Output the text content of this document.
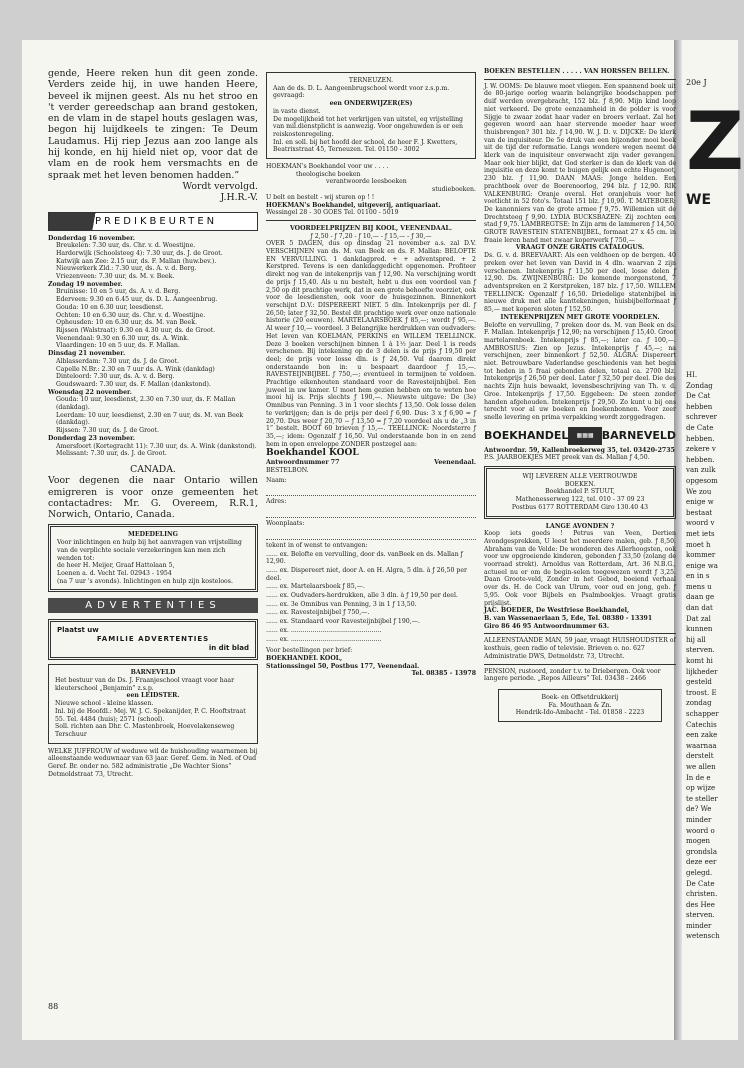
gende, Heere reken hun dit geen zonde. Verders zeide hij, in uwe handen Heere, beveel ik mijnen geest. Als nu het stroo en 't verder gereedschap aan brand gestoken, en de vlam in de stapel houts geslagen was, begon hij luijdkeels te zingen: Te Deum Laudamus. Hij riep Jezus aan zoo lange als hij konde, en hij hield niet op, voor dat de vlam en de rook hem versmachts en de spraak met het leven benomen hadden.”

Wordt vervolgd.

J.H.R.-V.

PREDIKBEURTEN

Donderdag 16 november.

Breukelen: 7.30 uur, ds. Chr. v. d. Woestijne.

Harderwijk (Schoolsteeg 4): 7.30 uur, ds. J. de Groot.

Katwijk aan Zee: 2.15 uur, ds. F. Mallan (huw.bev.).

Nieuwerkerk Zld.: 7.30 uur, ds. A. v. d. Berg.

Vriezenveen: 7.30 uur, ds. M. v. Beek.

Zondag 19 november.

Bruinisse: 10 en 5 uur, ds. A. v. d. Berg.

Ederveen: 9.30 en 6.45 uur, ds. D. L. Aangeenbrug.

Gouda: 10 en 6.30 uur, leesdienst.

Ochten: 10 en 6.30 uur, ds. Chr. v. d. Woestijne.

Opheusden: 10 en 6.30 uur, ds. M. van Beek.

Rijssen (Walstraat): 9.30 en 4.30 uur, ds. de Groot.

Veenendaal: 9.30 en 6.30 uur, ds. A. Wink.

Vlaardingen: 10 en 5 uur, ds. F. Mallan.

Dinsdag 21 november.

Alblasserdam: 7.30 uur, ds. J. de Groot.

Capelle N.Br.: 2.30 en 7 uur ds. A. Wink (dankdag)

Dinteloord: 7.30 uur, ds. A. v. d. Berg.

Goudswaard: 7.30 uur, ds. F. Mallan (dankstond).

Woensdag 22 november.

Gouda: 10 uur, leesdienst, 2.30 en 7.30 uur, ds. F. Mallan (dankdag).

Leerdam: 10 uur, leesdienst, 2.30 en 7 uur, ds. M. van Beek (dankdag).

Rijssen: 7.30 uur, ds. J. de Groot.

Donderdag 23 november.

Amersfoort (Kortegracht 11): 7.30 uur, ds. A. Wink (dankstond).

Melissant: 7.30 uur, ds. J. de Groot.

CANADA.

Voor degenen die naar Ontario willen emigreren is voor onze gemeenten het contactadres: Mr. G. Overeem, R.R.1, Norwich, Ontario, Canada.

MEDEDELING

Voor inlichtingen en hulp bij het aanvragen van vrijstelling van de verplichte sociale verzekeringen kan men zich wenden tot:

de heer H. Meijer, Graaf Hattolaan 5,

Loenen a. d. Vecht Tel. 02943 - 1954

(na 7 uur 's avonds). Inlichtingen en hulp zijn kosteloos.

ADVERTENTIES

Plaatst uw

FAMILIE ADVERTENTIES

in dit blad

BARNEVELD

Het bestuur van de Ds. J. Fraanjeschool vraagt voor haar kleuterschool „Benjamin” z.s.p.

een LEIDSTER.

Nieuwe school - kleine klassen.

Inl. bij de Hoofdl.: Mej. W. J. C. Spekanijder, P. C. Hooftstraat 55. Tel. 4484 (huis); 2571 (school).

Soll. richten aan Dhr. C. Mastenbroek, Hoevelakenseweg Terschuur

WELKE JUFFROUW of weduwe wil de huishouding waarnemen bij alleenstaande weduwnaar van 63 jaar. Geref. Gem. in Ned. of Oud Geref. Br. onder no. 582 administratie „De Wachter Sions” Detmoldstraat 73, Utrecht.

TERNEUZEN.

Aan de ds. D. L. Aangeenbrugschool wordt voor z.s.p.m. gevraagd:

een ONDERWIJZER(ES)

in vaste dienst.

De mogelijkheid tot het verkrijgen van uitstel, eq vrijstelling van mil.dienstplicht is aanwezig. Voor ongehuwden is er een reiskostenregeling.

Inl. en soll. bij het hoofd der school, de heer F. J. Kwetters, Beatrixstraat 45, Terneuzen. Tel. 01150 - 3002

HOEKMAN's Boekhandel voor uw . . . .

theologische boeken

verantwoorde leesboeken

studieboeken.

U belt en bestelt - wij sturen op ! !

HOEKMAN's Boekhandel, uitgeverij, antiquariaat.

Wessingel 28 - 30 GOES Tel. 01100 - 5019

VOORDEELPRIJZEN BIJ KOOL, VEENENDAAL.

ƒ 2,50 - ƒ 7,20 - ƒ 10,— - ƒ 15,— - ƒ 30,—

OVER 5 DAGEN, dus op dinsdag 21 november a.s. zal D.V. VERSCHIJNEN van ds. M. van Beek en ds. F. Mallan: BELOFTE EN VERVULLING. 1 dankdagpred. + + adventspred. + 2 Kerstpred. Tevens is een dankdaggedicht opgenomen. Profiteer direkt nog van de intekenprijs van ƒ 12,90. Na verschijning wordt de prijs ƒ 15,40. Als u nu bestelt, hebt u dus een voordeel van ƒ 2,50 op dit prachtige werk, dat in een grote behoefte voorziet, ook voor de leesdiensten, ook voor de huisgezinnen. Binnenkort verschijnt D.V.: DISPEREERT NIET. 5 dln. Intekenprijs per dl. ƒ 26,50; later ƒ 32,50. Bestel dit prachtige werk over onze nationale historie (20 eeuwen). MARTELAARSBOEK ƒ 85,—; wordt ƒ 95,—. Al weer ƒ 10,— voordeel. 3 Belangrijke herdrukken van oudvaders: Het leven van KOELMAN, PERKINS en WILLEM TEELLINCK. Deze 3 boeken verschijnen binnen 1 à 1½ jaar. Deel 1 is reeds verschenen. Bij intekening op de 3 delen is de prijs ƒ 19,50 per deel; de prijs voor losse dln. is ƒ 24,50. Vul daarom direkt onderstaande bon in: u bespaart daardoor ƒ 15,—. RAVESTEIJNBIJBEL ƒ 750,—; eventueel in termijnen te voldoen. Prachtige eikenhouten standaard voor de Ravesteijnbijbel. Een juweel in uw kamer. U moet hem gezien hebben om te weten hoe mooi hij is. Prijs slechts ƒ 190,—. Nieuwste uitgave: De (3e) Omnibus van Penning. 3 in 1 voor slechts ƒ 13,50. Ook losse delen te verkrijgen; dan is de prijs per deel ƒ 6,90. Dus: 3 x ƒ 6,90 = ƒ 20,70. Dus weer ƒ 20,70 − ƒ 13,50 = ƒ 7,20 voordeel als u de „3 in 1” bestelt. BOOT 60 brieven ƒ 15,—. TEELLINCK: Noordsterre ƒ 35,—; idem: Ogenzalf ƒ 16,50. Vul onderstaande bon in en zend hem in open enveloppe ZONDER postzegel aan:

Boekhandel KOOL

Antwoordnummer 77	Veenendaal.

BESTELBON.

Naam:

Adres:

Woonplaats:

tekent in of wenst te ontvangen:

...... ex. Belofte en vervulling, door ds. vanBeek en ds. Mallan ƒ 12,90.

...... ex. Dispereert niet, door A. en H. Algra, 5 dln. à ƒ 26,50 per deel.

...... ex. Martelaarsboek ƒ 85,—.

...... ex. Oudvaders-herdrukken, alle 3 dln. à ƒ 19,50 per deel.

...... ex. 3e Omnibus van Penning, 3 in 1 ƒ 13,50.

...... ex. Ravesteijnbijbel ƒ 750,—.

...... ex. Standaard voor Ravesteijnbijbel ƒ 190,—.

...... ex. ..............................................

...... ex. ..............................................

Voor bestellingen per brief:

BOEKHANDEL KOOL,

Stationssingel 50, Postbus 177, Veenendaal.

Tel. 08385 - 13978

BOEKEN BESTELLEN . . . . . VAN HORSSEN BELLEN.

J. W. OOMS: De blauwe moet vliegen. Een spannend boek uit de 80-jarige oorlog waarin belangrijke boodschappen per duif werden overgebracht, 152 blz. ƒ 8,90. Mijn kind loop niet verkeerd. De grote eenzaamheid in de polder is voor Sijgje te zwaar zodat haar vader en broers verlaat. Zal het gegeven woord aan haar stervende moeder haar weer thuisbrengen? 301 blz. ƒ 14,90. W. J. D. v. DIJCKE: De klerk van de inquisiteur. De 5e druk van een bijzonder mooi boek uit de tijd der reformatie. Langs wondere wegen neemt de klerk van de inquisiteur onverwacht zijn vader gevangen. Maar ook hier blijkt, dat God sterker is dan de klerk van de inquisitie en deze komt te buigen gelijk een echte Hugenoot, 230 blz. ƒ 11,90. DAAN MAAS: Jonge helden. Een prachtboek over de Boerenoorlog, 294 blz. ƒ 12,90. RIK VALKENBURG: Oranje overal. Het oranjehuis voor het voetlicht in 52 foto's. Totaal 151 blz. ƒ 10,90. T. MATEBOER: De kanonniers van de grote armee ƒ 9,75. Willemien uit de Drechtsteeg ƒ 9,90. LYDIA BUCKSBAZEN: Zij zochten een stad ƒ 9,75. LAMBREGTSE: In Zijn arm de lammeren ƒ 14,50. GROTE RAVESTEIN STATENBIJBEL, formaat 27 x 45 cm. in fraaie leren band met zwaar koperwerk ƒ 750,—

VRAAGT ONZE GRATIS CATALOGUS.

Ds. G. v. d. BREEVAART: Als een veldhoen op de bergen. 40 preken over het leven van David in 4 dln. waarvan 2 zijn verschenen. Intekenprijs ƒ 11,50 per deel, losse delen ƒ 12,90. Ds. ZWIJNENBURG: De komende morgenstond, 7 adventspreken en 2 Kerstpreken, 187 blz. ƒ 17,50. WILLEM TEELLINCK: Ogenzalf ƒ 16,50. Driedelige statenbijbel in nieuwe druk met alle kanttekeningen, huisbijbelformaat ƒ 85,— met koperen sloten ƒ 152,50.

INTEKENPRIJZEN MET GROTE VOORDELEN.

Belofte en vervulling, 7 preken door ds. M. van Beek en ds. F. Mallan. Intekenprijs ƒ 12,90; na verschijnen ƒ 15,40. Groot martelarenboek. Intekenprijs ƒ 85,—; later ca. ƒ 100,—. AMBROSIUS: Zien op Jezus. Intekenprijs ƒ 45,—; na verschijnen, zeer binnenkort ƒ 52,50. ALGRA: Dispereert niet. Betrouwbare Vaderlandse geschiedenis van het begin tot heden in 5 fraai gebonden delen, totaal ca. 2700 blz. Intekenprijs ƒ 26,50 per deel. Later ƒ 32,50 per deel. Die des nachts Zijn huis bewaakt, levensbeschrijving van Th. v. d. Groe. Intekenprijs ƒ 17,50. Eggebeen: De steen zonder handen afgehouden. Intekenprijs ƒ 29,50. Zo kunt u bij ons terecht voor al uw boeken en boekenbonnen. Voor zeer snelle levering en prima verpakking wordt zorggedragen.

BOEKHANDEL	▦▦▦ BARNEVELD

Antwoordnr. 59, Kallenbroekerweg 35, tel. 03420-2735

P.S. JAARBOEKJES MET preek van ds. Mallan ƒ 4,50.

WIJ LEVEREN ALLE VERTROUWDE

BOEKEN.

Boekhandel P. STUUT,

Mathenesserweg 122, tel. 010 - 37 09 23

Postbus 6177 ROTTERDAM Giro 130.40 43

LANGE AVONDEN ?

Koop iets goeds ! Petrus van Veen, Dertien Avondgesprekken, U leest het meerdere malen, geb. ƒ 8,50. Abraham van de Velde: De wonderen des Allerhoogsten, ook voor uw opgroeiende kinderen, gebonden ƒ 33,50 (zolang de voorraad strekt). Arnoldus van Rotterdam, Art. 36 N.B.G., actueel nu er om de begin-selen toegewezen wordt ƒ 3,25. Daan Groote-veld, Zonder in het Gebod, boeiend verhaal over ds. H. de Cock van Ulrum, voor oud en jong, geb. ƒ 5,95. Ook voor Bijbels en Psalmboekjes. Vraagt gratis prijslijst.

JAC. BOEDER, De Westfriese Boekhandel,

B. van Wassenaerlaan 5, Ede, Tel. 08380 - 13391

Giro 86 46 95 Antwoordnummer 63.

ALLEENSTAANDE MAN, 59 jaar, vraagt HUISHOUDSTER of kosthuis, geen radio of televisie. Brieven o. no. 627 Administratie DWS, Detmoldstr. 73, Utrecht.

PENSION, rustoord, zonder t.v. te Driebergen. Ook voor langere periode. „Repos Ailleurs” Tel. 03438 - 2466

Boek- en Offsetdrukkerij

Fa. Mouthaan & Zn.

Hendrik-Ido-Ambacht - Tel. 01858 - 2223

88
20e J
Z
WE

HI.

Zondag

De Cat

hebben

schrever

de Cate

hebben.

zekere v

hebben.

van zulk

opgesom

We zou

enige w

bestaat

woord v

met iets

moet h

kommer

enige wa

en in s

mens u

daan ge

dan dat

Dat zal

kunnen

hij all

sterven.

komt hi

lijkheder

gesteld

troost. E

zondag

schapper

Catechis

een zake

waarnaa

derstelt

we allen

In de e

op wijze

te steller

de? We

minder

woord o

mogen

grondsla

deze eer

gelegd.

De Cate

christen.

des Hee

sterven.

minder

wetensch
